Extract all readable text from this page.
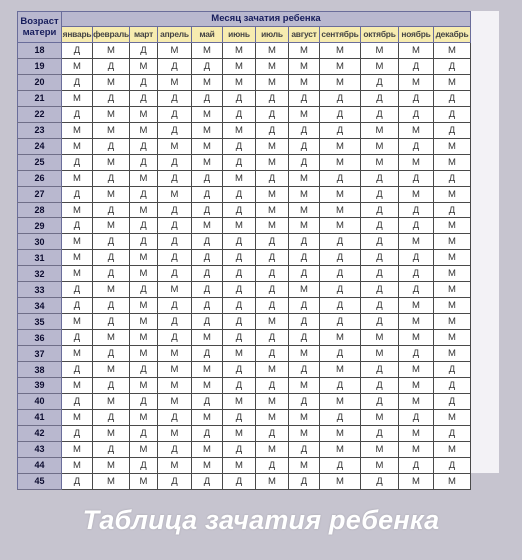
Возраст
матери	Месяц зачатия ребенка											
	январь	февраль	март	апрель	май	июнь	июль	август	сентябрь	октябрь	ноябрь	декабрь
18	Д	М	Д	М	М	М	М	М	М	М	М	М
19	М	Д	М	Д	Д	М	М	М	М	М	Д	Д
20	Д	М	Д	М	М	М	М	М	М	Д	М	М
21	М	Д	Д	Д	Д	Д	Д	Д	Д	Д	Д	Д
22	Д	М	М	Д	М	Д	Д	М	Д	Д	Д	Д
23	М	М	М	Д	М	М	Д	Д	Д	М	М	Д
24	М	Д	Д	М	М	Д	М	Д	М	М	Д	М
25	Д	М	Д	Д	М	Д	М	Д	М	М	М	М
26	М	Д	М	Д	Д	М	Д	М	Д	Д	Д	Д
27	Д	М	Д	М	Д	Д	М	М	М	Д	М	М
28	М	Д	М	Д	Д	Д	М	М	М	Д	Д	Д
29	Д	М	Д	Д	М	М	М	М	М	Д	Д	М
30	М	Д	Д	Д	Д	Д	Д	Д	Д	Д	М	М
31	М	Д	М	Д	Д	Д	Д	Д	Д	Д	Д	М
32	М	Д	М	Д	Д	Д	Д	Д	Д	Д	Д	М
33	Д	М	Д	М	Д	Д	Д	М	Д	Д	Д	М
34	Д	Д	М	Д	Д	Д	Д	Д	Д	Д	М	М
35	М	Д	М	Д	Д	Д	М	Д	Д	Д	М	М
36	Д	М	М	Д	М	Д	Д	Д	М	М	М	М
37	М	Д	М	М	Д	М	Д	М	Д	М	Д	М
38	Д	М	Д	М	М	Д	М	Д	М	Д	М	Д
39	М	Д	М	М	М	Д	Д	М	Д	Д	М	Д
40	Д	М	Д	М	Д	М	М	Д	М	Д	М	Д
41	М	Д	М	Д	М	Д	М	М	Д	М	Д	М
42	Д	М	Д	М	Д	М	Д	М	М	Д	М	Д
43	М	Д	М	Д	М	Д	М	Д	М	М	М	М
44	М	М	Д	М	М	М	Д	М	Д	М	Д	Д
45	Д	М	М	Д	Д	Д	М	Д	М	Д	М	М
Таблица зачатия ребенка
